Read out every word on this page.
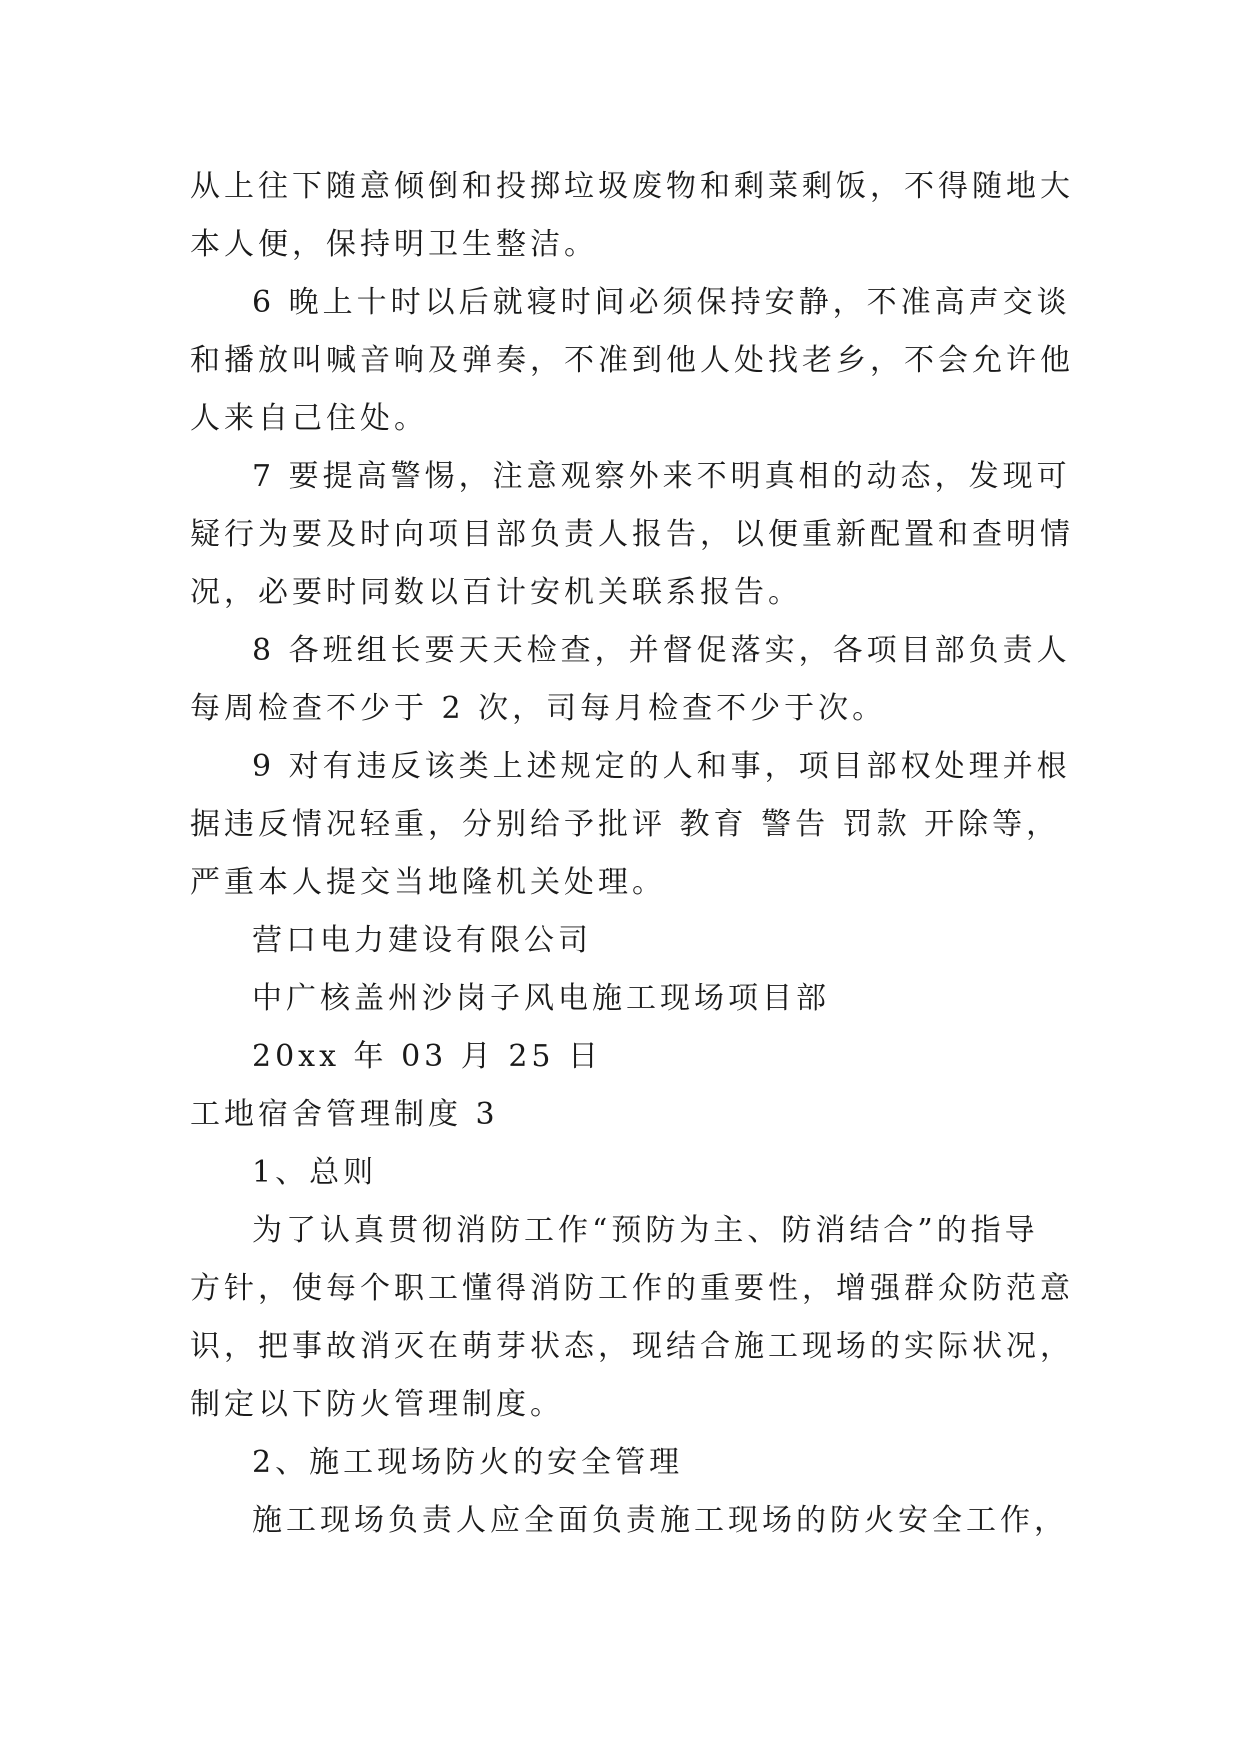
从上往下随意倾倒和投掷垃圾废物和剩菜剩饭，不得随地大

本人便，保持明卫生整洁。

6 晚上十时以后就寝时间必须保持安静，不准高声交谈

和播放叫喊音响及弹奏，不准到他人处找老乡，不会允许他

人来自己住处。

7 要提高警惕，注意观察外来不明真相的动态，发现可

疑行为要及时向项目部负责人报告，以便重新配置和查明情

况，必要时同数以百计安机关联系报告。

8 各班组长要天天检查，并督促落实，各项目部负责人

每周检查不少于 2 次，司每月检查不少于次。

9 对有违反该类上述规定的人和事，项目部权处理并根

据违反情况轻重，分别给予批评 教育 警告 罚款 开除等，

严重本人提交当地隆机关处理。

营口电力建设有限公司

中广核盖州沙岗子风电施工现场项目部

20xx 年 03 月 25 日

工地宿舍管理制度 3

1、总则

为了认真贯彻消防工作“预防为主、防消结合”的指导

方针，使每个职工懂得消防工作的重要性，增强群众防范意

识，把事故消灭在萌芽状态，现结合施工现场的实际状况，

制定以下防火管理制度。

2、施工现场防火的安全管理

施工现场负责人应全面负责施工现场的防火安全工作，
